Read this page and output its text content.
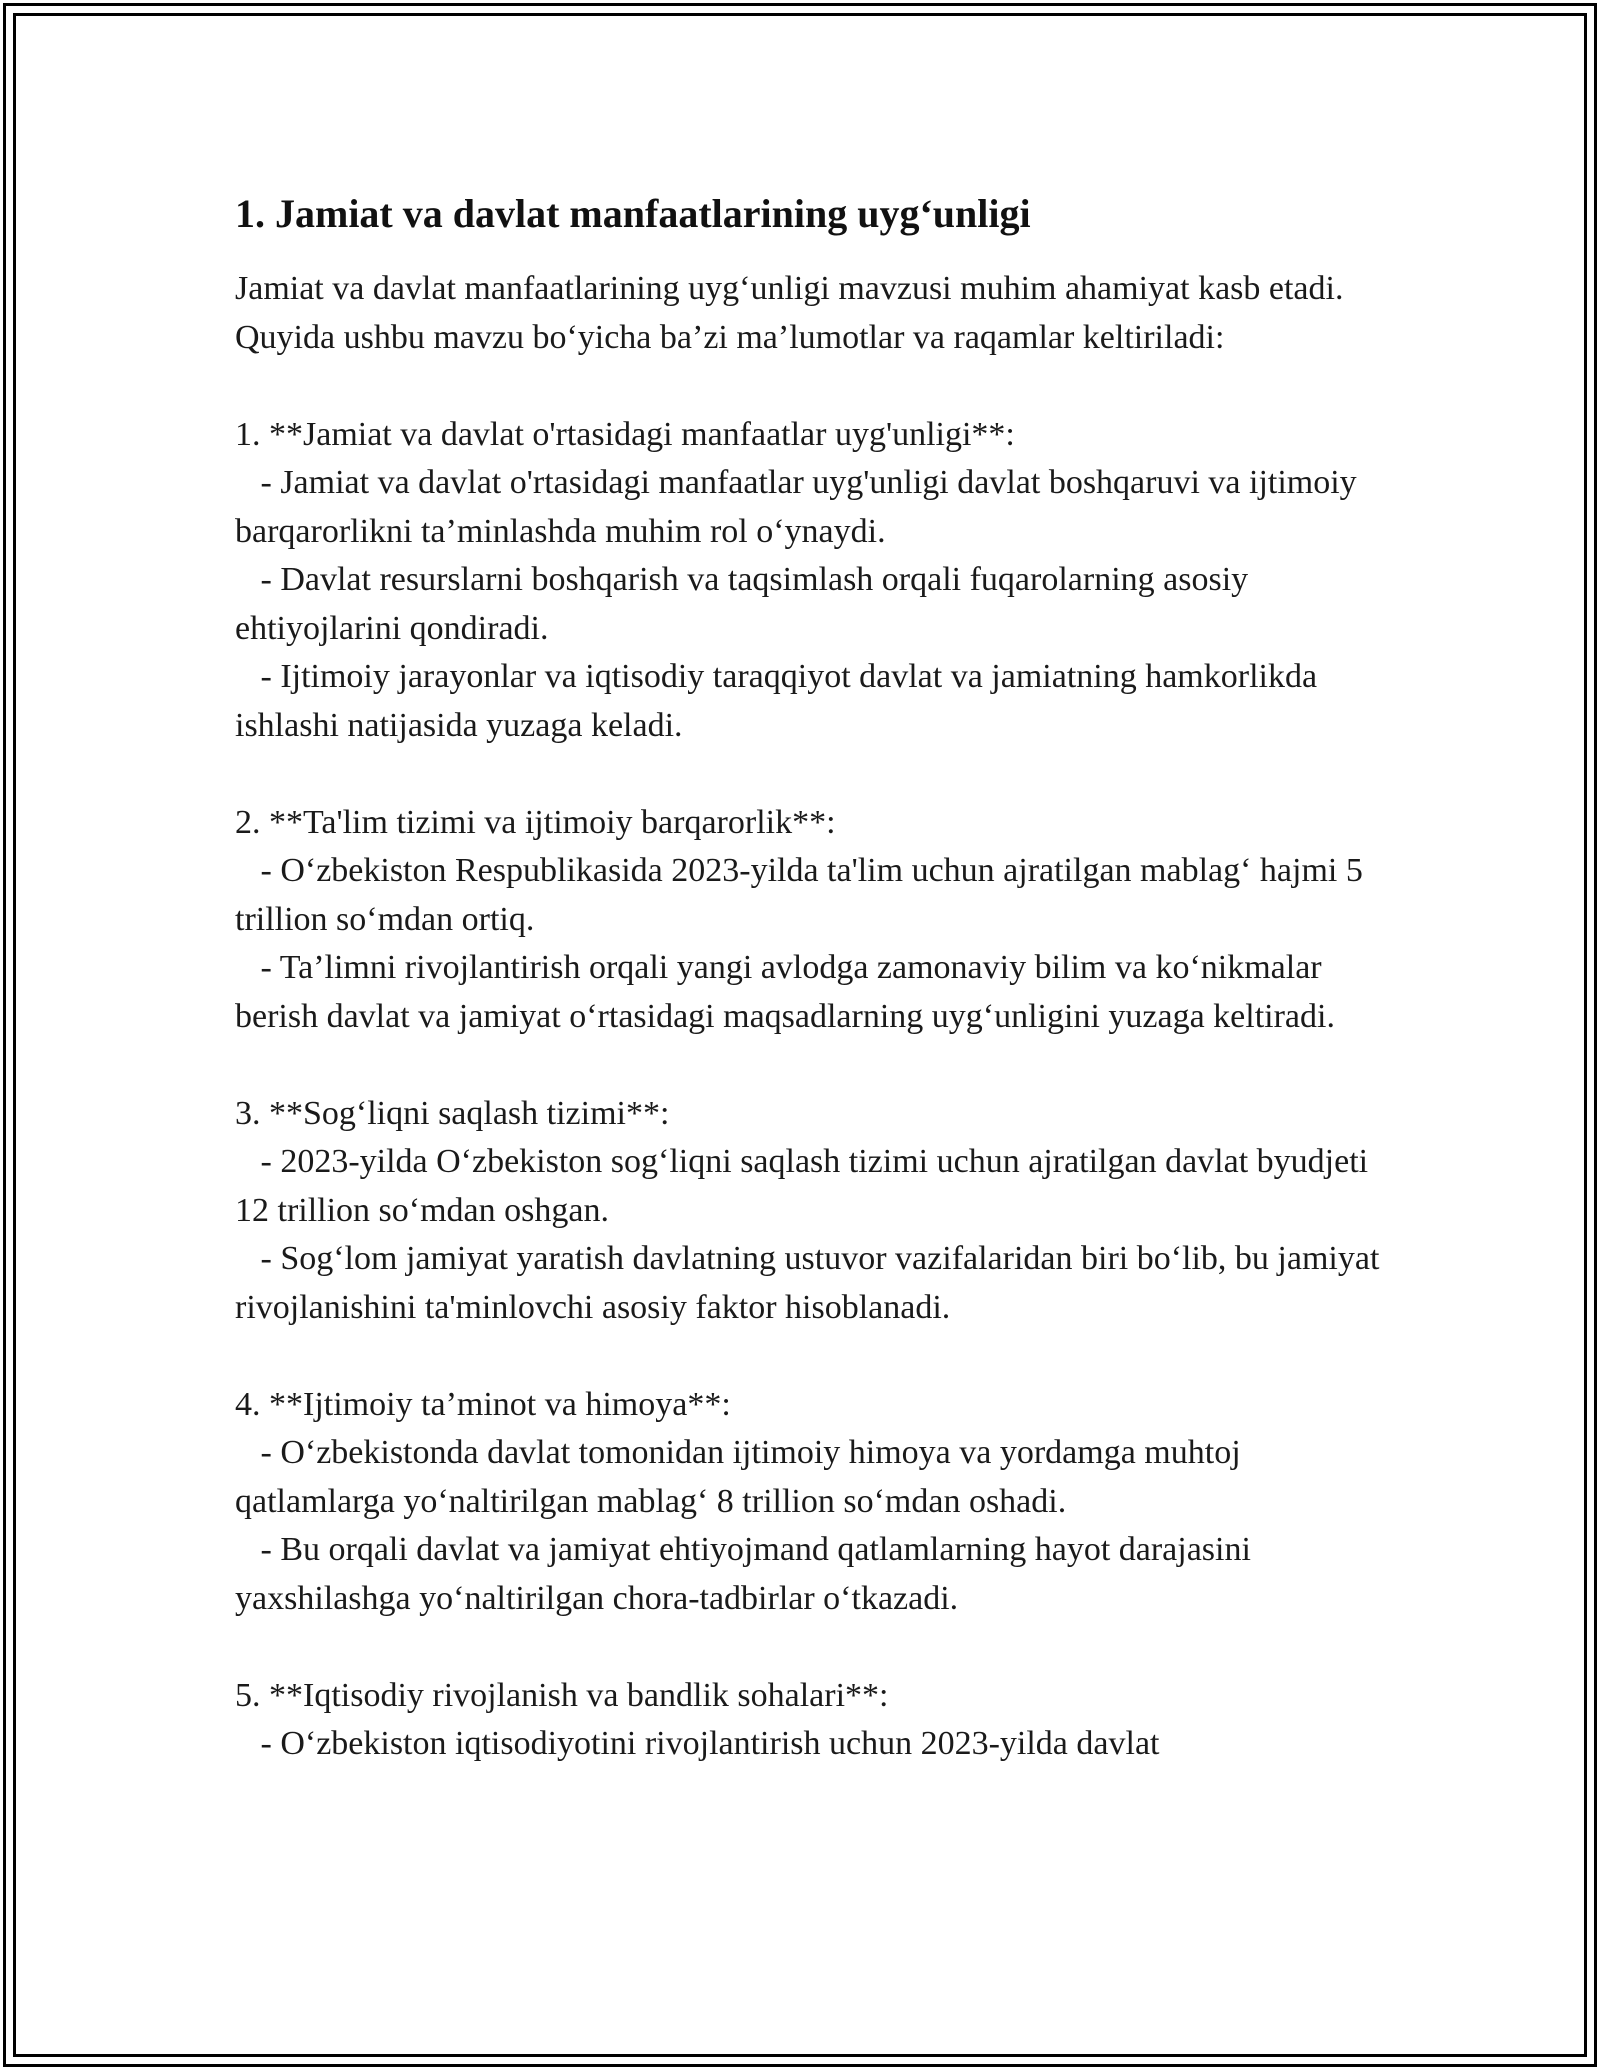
1. Jamiat va davlat manfaatlarining uyg‘unligi

Jamiat va davlat manfaatlarining uyg‘unligi mavzusi muhim ahamiyat kasb etadi. Quyida ushbu mavzu bo‘yicha ba’zi ma’lumotlar va raqamlar keltiriladi:

1. **Jamiat va davlat o'rtasidagi manfaatlar uyg'unligi**:
- Jamiat va davlat o'rtasidagi manfaatlar uyg'unligi davlat boshqaruvi va ijtimoiy barqarorlikni ta’minlashda muhim rol o‘ynaydi.
- Davlat resurslarni boshqarish va taqsimlash orqali fuqarolarning asosiy ehtiyojlarini qondiradi.
- Ijtimoiy jarayonlar va iqtisodiy taraqqiyot davlat va jamiatning hamkorlikda ishlashi natijasida yuzaga keladi.

2. **Ta'lim tizimi va ijtimoiy barqarorlik**:
- O‘zbekiston Respublikasida 2023-yilda ta'lim uchun ajratilgan mablag‘ hajmi 5 trillion so‘mdan ortiq.
- Ta’limni rivojlantirish orqali yangi avlodga zamonaviy bilim va ko‘nikmalar berish davlat va jamiyat o‘rtasidagi maqsadlarning uyg‘unligini yuzaga keltiradi.

3. **Sog‘liqni saqlash tizimi**:
- 2023-yilda O‘zbekiston sog‘liqni saqlash tizimi uchun ajratilgan davlat byudjeti 12 trillion so‘mdan oshgan.
- Sog‘lom jamiyat yaratish davlatning ustuvor vazifalaridan biri bo‘lib, bu jamiyat rivojlanishini ta'minlovchi asosiy faktor hisoblanadi.

4. **Ijtimoiy ta’minot va himoya**:
- O‘zbekistonda davlat tomonidan ijtimoiy himoya va yordamga muhtoj qatlamlarga yo‘naltirilgan mablag‘ 8 trillion so‘mdan oshadi.
- Bu orqali davlat va jamiyat ehtiyojmand qatlamlarning hayot darajasini yaxshilashga yo‘naltirilgan chora-tadbirlar o‘tkazadi.

5. **Iqtisodiy rivojlanish va bandlik sohalari**:
- O‘zbekiston iqtisodiyotini rivojlantirish uchun 2023-yilda davlat
